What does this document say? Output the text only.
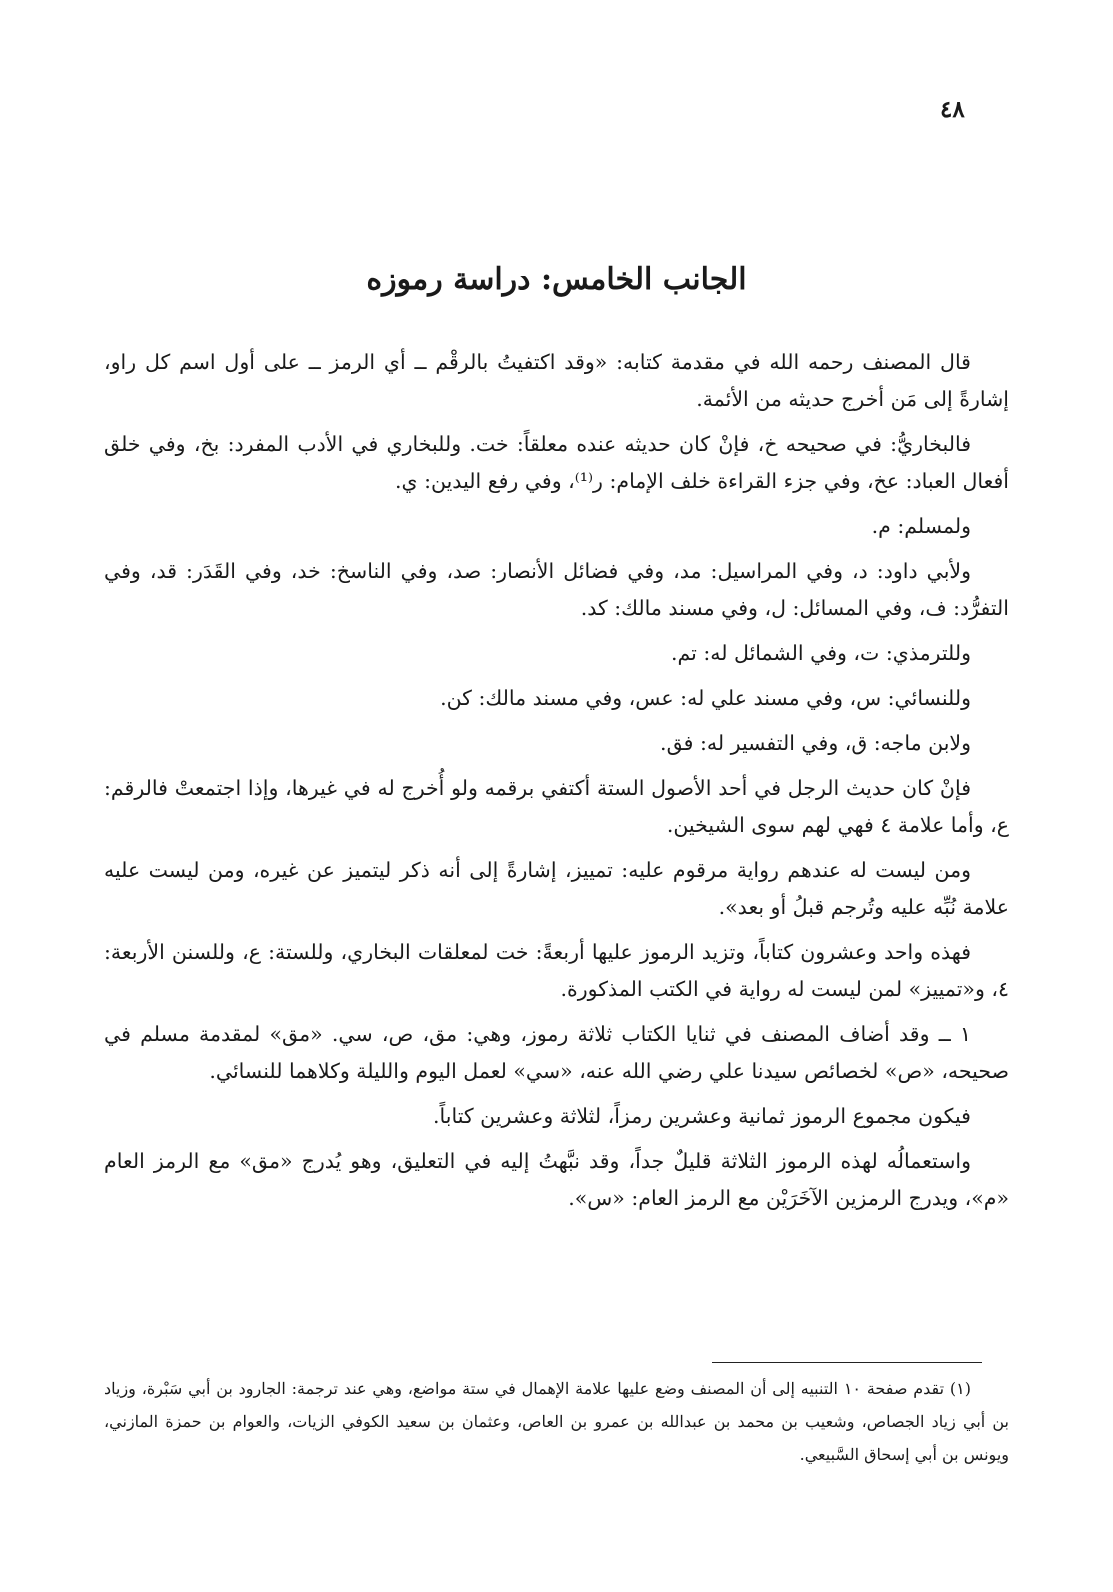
٤٨
الجانب الخامس: دراسة رموزه

قال المصنف رحمه الله في مقدمة كتابه: «وقد اكتفيتُ بالرقْم ــ أي الرمز ــ على أول اسم كل راو، إشارةً إلى مَن أخرج حديثه من الأئمة.

فالبخاريُّ: في صحيحه خ، فإنْ كان حديثه عنده معلقاً: خت. وللبخاري في الأدب المفرد: بخ، وفي خلق أفعال العباد: عخ، وفي جزء القراءة خلف الإمام: ر⁽¹⁾، وفي رفع اليدين: ي.

ولمسلم: م.

ولأبي داود: د، وفي المراسيل: مد، وفي فضائل الأنصار: صد، وفي الناسخ: خد، وفي القَدَر: قد، وفي التفرُّد: ف، وفي المسائل: ل، وفي مسند مالك: كد.

وللترمذي: ت، وفي الشمائل له: تم.

وللنسائي: س، وفي مسند علي له: عس، وفي مسند مالك: كن.

ولابن ماجه: ق، وفي التفسير له: فق.

فإنْ كان حديث الرجل في أحد الأصول الستة أكتفي برقمه ولو أُخرج له في غيرها، وإذا اجتمعتْ فالرقم: ع، وأما علامة ٤ فهي لهم سوى الشيخين.

ومن ليست له عندهم رواية مرقوم عليه: تمييز، إشارةً إلى أنه ذكر ليتميز عن غيره، ومن ليست عليه علامة نُبِّه عليه وتُرجم قبلُ أو بعد».

فهذه واحد وعشرون كتاباً، وتزيد الرموز عليها أربعةً: خت لمعلقات البخاري، وللستة: ع، وللسنن الأربعة: ٤، و«تمييز» لمن ليست له رواية في الكتب المذكورة.

١ ــ وقد أضاف المصنف في ثنايا الكتاب ثلاثة رموز، وهي: مق، ص، سي. «مق» لمقدمة مسلم في صحيحه، «ص» لخصائص سيدنا علي رضي الله عنه، «سي» لعمل اليوم والليلة وكلاهما للنسائي.

فيكون مجموع الرموز ثمانية وعشرين رمزاً، لثلاثة وعشرين كتاباً.

واستعمالُه لهذه الرموز الثلاثة قليلٌ جداً، وقد نبَّهتُ إليه في التعليق، وهو يُدرج «مق» مع الرمز العام «م»، ويدرج الرمزين الآخَرَيْن مع الرمز العام: «س».

(١) تقدم صفحة ١٠ التنبيه إلى أن المصنف وضع عليها علامة الإهمال في ستة مواضع، وهي عند ترجمة: الجارود بن أبي سَبْرة، وزياد بن أبي زياد الجصاص، وشعيب بن محمد بن عبدالله بن عمرو بن العاص، وعثمان بن سعيد الكوفي الزيات، والعوام بن حمزة المازني، ويونس بن أبي إسحاق السَّبيعي.
